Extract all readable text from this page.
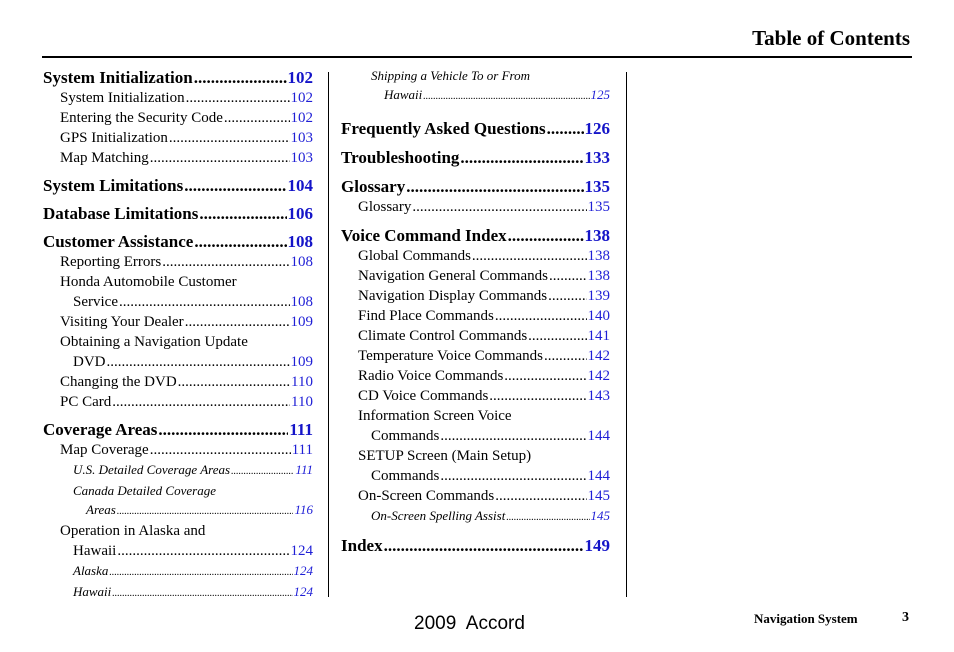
Table of Contents
System Initialization .....	102
System Initialization .....	102
Entering the Security Code .....	102
GPS Initialization .....	103
Map Matching .....	103
System Limitations .....	104
Database Limitations .....	106
Customer Assistance .....	108
Reporting Errors .....	108
Honda Automobile Customer
Service .....	108
Visiting Your Dealer .....	109
Obtaining a Navigation Update
DVD .....	109
Changing the DVD .....	110
PC Card .....	110
Coverage Areas .....	111
Map Coverage .....	111
U.S. Detailed Coverage Areas .....	111
Canada Detailed Coverage
Areas .....	116
Operation in Alaska and
Hawaii .....	124
Alaska .....	124
Hawaii .....	124
Shipping a Vehicle To or From
Hawaii .....	125
Frequently Asked Questions ..... 126
Troubleshooting .....	133
Glossary .....	135
Glossary .....	135
Voice Command Index .....	138
Global Commands .....	138
Navigation General Commands .....	138
Navigation Display Commands .....	139
Find Place Commands .....	140
Climate Control Commands .....	141
Temperature Voice Commands .....	142
Radio Voice Commands .....	142
CD Voice Commands .....	143
Information Screen Voice
Commands .....	144
SETUP Screen (Main Setup)
Commands .....	144
On-Screen Commands .....	145
On-Screen Spelling Assist .....	145
Index .....	149
2009  Accord	Navigation System	3
